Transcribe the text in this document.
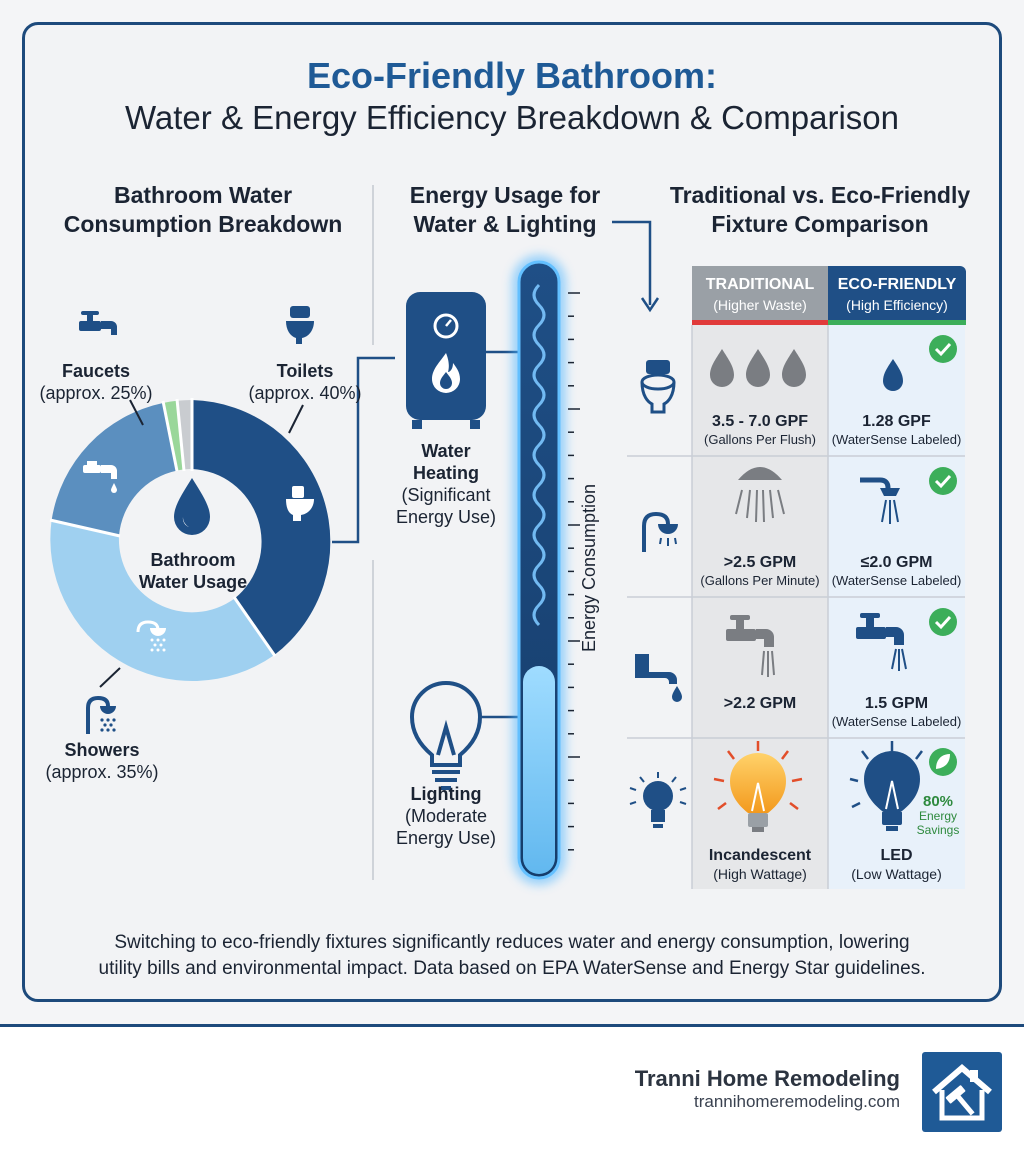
Eco-Friendly Bathroom:
Water & Energy Efficiency Breakdown & Comparison
Bathroom Water
Consumption Breakdown
Energy Usage for
Water & Lighting
Traditional vs. Eco-Friendly
Fixture Comparison
Faucets
(approx. 25%)
Toilets
(approx. 40%)
Showers
(approx. 35%)
Bathroom
Water Usage
Water
Heating
(Significant
Energy Use)
Lighting
(Moderate
Energy Use)
Energy Consumption
TRADITIONAL
(Higher Waste)
ECO-FRIENDLY
(High Efficiency)
3.5 - 7.0 GPF
(Gallons Per Flush)
1.28 GPF
(WaterSense Labeled)
>2.5 GPM
(Gallons Per Minute)
≤2.0 GPM
(WaterSense Labeled)
>2.2 GPM	1.5 GPM
(WaterSense Labeled)
Incandescent
(High Wattage)
LED
(Low Wattage)
80%
Energy
Savings
Switching to eco-friendly fixtures significantly reduces water and energy consumption, lowering
utility bills and environmental impact. Data based on EPA WaterSense and Energy Star guidelines.
Tranni Home Remodeling
trannihomeremodeling.com
